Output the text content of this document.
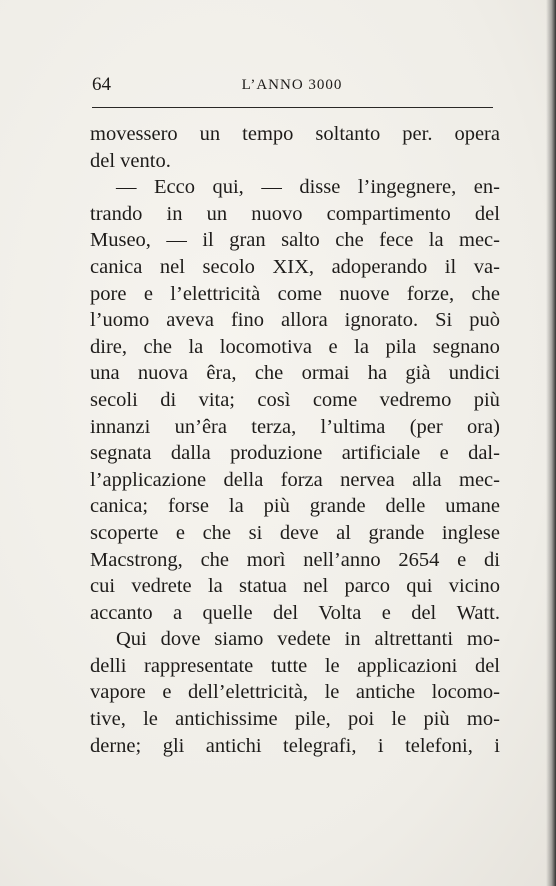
64	L’ANNO 3000
movessero un tempo soltanto per. opera
del vento.
— Ecco qui, — disse l’ingegnere, en-
trando in un nuovo compartimento del
Museo, — il gran salto che fece la mec-
canica nel secolo XIX, adoperando il va-
pore e l’elettricità come nuove forze, che
l’uomo aveva fino allora ignorato. Si può
dire, che la locomotiva e la pila segnano
una nuova êra, che ormai ha già undici
secoli di vita; così come vedremo più
innanzi un’êra terza, l’ultima (per ora)
segnata dalla produzione artificiale e dal-
l’applicazione della forza nervea alla mec-
canica; forse la più grande delle umane
scoperte e che si deve al grande inglese
Macstrong, che morì nell’anno 2654 e di
cui vedrete la statua nel parco qui vicino
accanto a quelle del Volta e del Watt.
Qui dove siamo vedete in altrettanti mo-
delli rappresentate tutte le applicazioni del
vapore e dell’elettricità, le antiche locomo-
tive, le antichissime pile, poi le più mo-
derne; gli antichi telegrafi, i telefoni, i
